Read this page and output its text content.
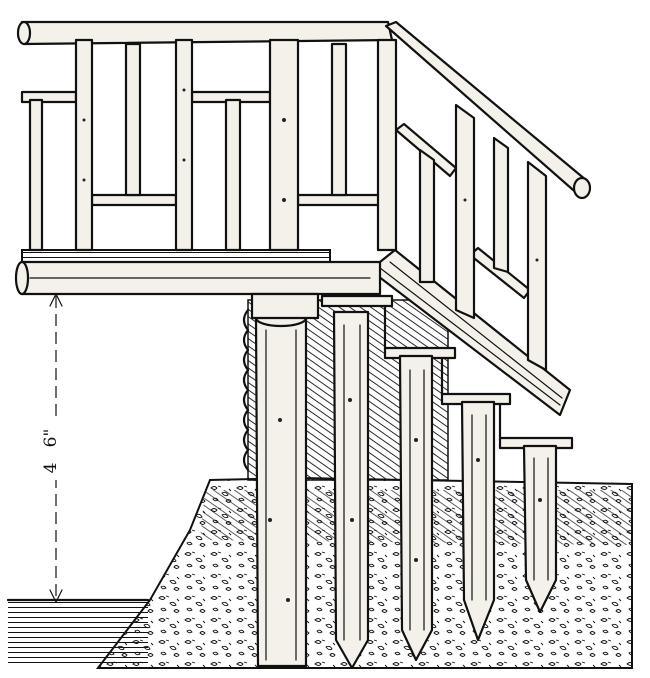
4
6"
